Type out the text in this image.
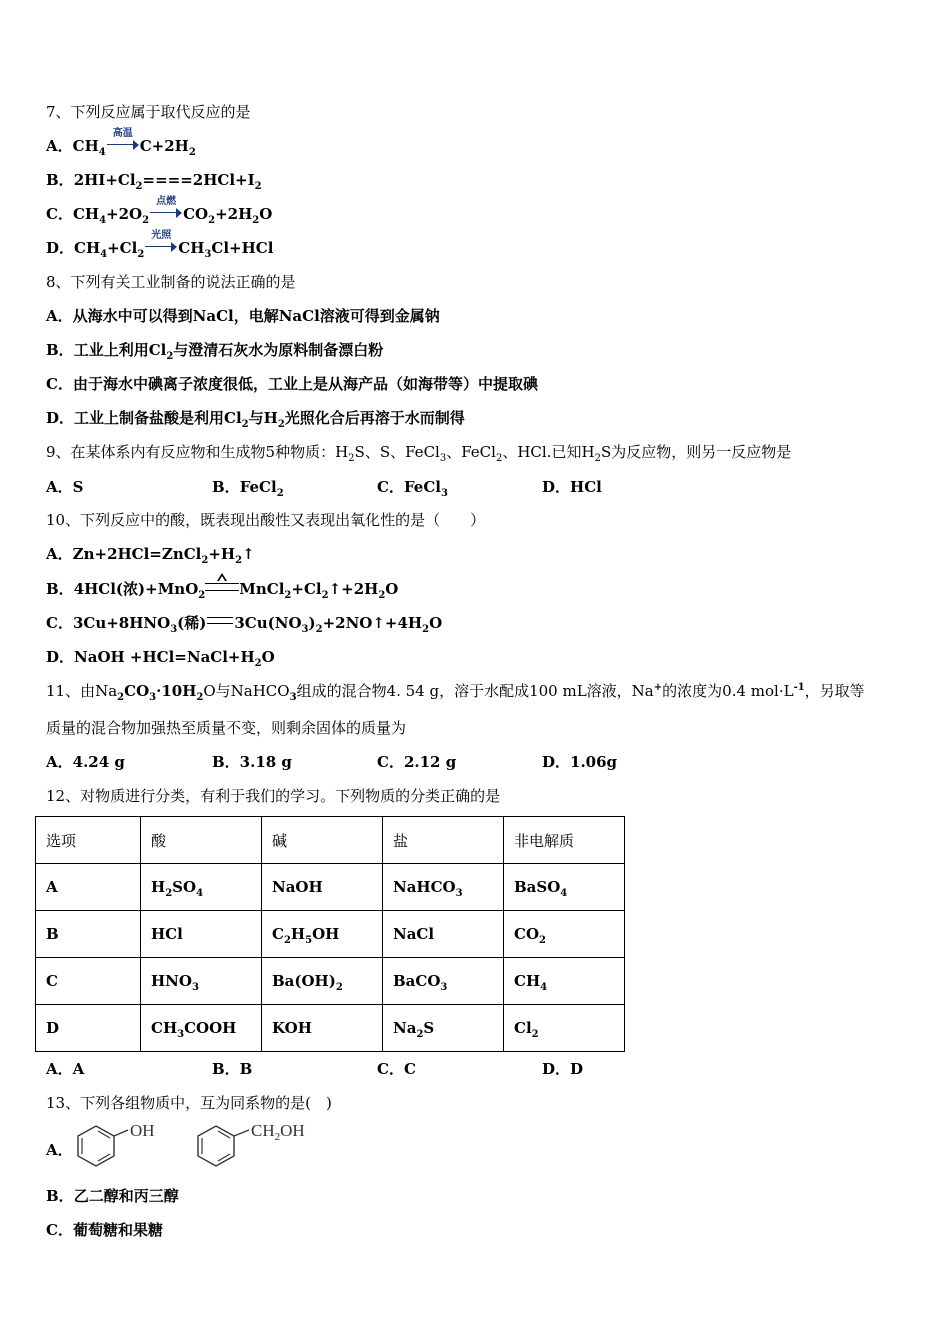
7、下列反应属于取代反应的是
A．$CH_4$
高温
$C+2H_2$
B．$2HI+Cl_2====2HCl+I_2$
C．$CH_4+2O_2$
点燃
$CO_2+2H_2O$
D．$CH_4+Cl_2$
光照
$CH_3Cl+HCl$
8、下列有关工业制备的说法正确的是
A．从海水中可以得到NaCl，电解NaCl溶液可得到金属钠
B．工业上利用$Cl_2$与澄清石灰水为原料制备漂白粉
C．由于海水中碘离子浓度很低，工业上是从海产品（如海带等）中提取碘
D．工业上制备盐酸是利用$Cl_2$与$H_2$光照化合后再溶于水而制得
9、在某体系内有反应物和生成物5种物质：$H_2S$、S、FeCl$_3$、FeCl$_2$、HCl.已知$H_2S$为反应物，则另一反应物是
A．S	B．FeCl$_2$	C．FeCl$_3$	D．HCl
10、下列反应中的酸，既表现出酸性又表现出氧化性的是（　　）
A．$Zn+2HCl=ZnCl_2+H_2↑$
B．4HCl(浓)+MnO$_2$ $MnCl_2+Cl_2↑+2H_2O$
C．$3Cu+8HNO_3$(稀) $3Cu(NO_3)_2+2NO↑+4H_2O$
D．NaOH $+HCl=NaCl+H_2O$
11、由$Na_2CO_3\cdot 10H_2O$与NaHCO$_3$组成的混合物4. 54 g，溶于水配成100 mL溶液，Na+的浓度为0.4 $mol\cdot L^{-1}$，另取等
质量的混合物加强热至质量不变，则剩余固体的质量为
A．4.24 g	B．3.18 g	C．2.12 g	D．1.06g
12、对物质进行分类，有利于我们的学习。下列物质的分类正确的是
选项	酸	碱	盐	非电解质
A	$H_2SO_4$	NaOH	NaHCO$_3$	BaSO$_4$
B	HCl	$C_2H_5OH$	NaCl	$CO_2$
C	$HNO_3$	$Ba(OH)_2$	BaCO$_3$	$CH_4$
D	$CH_3COOH$	KOH	$Na_2S$	$Cl_2$
A．A	B．B	C．C	D．D
13、下列各组物质中，互为同系物的是(　)
A．
OH	$CH_2OH$
B．乙二醇和丙三醇
C．葡萄糖和果糖
